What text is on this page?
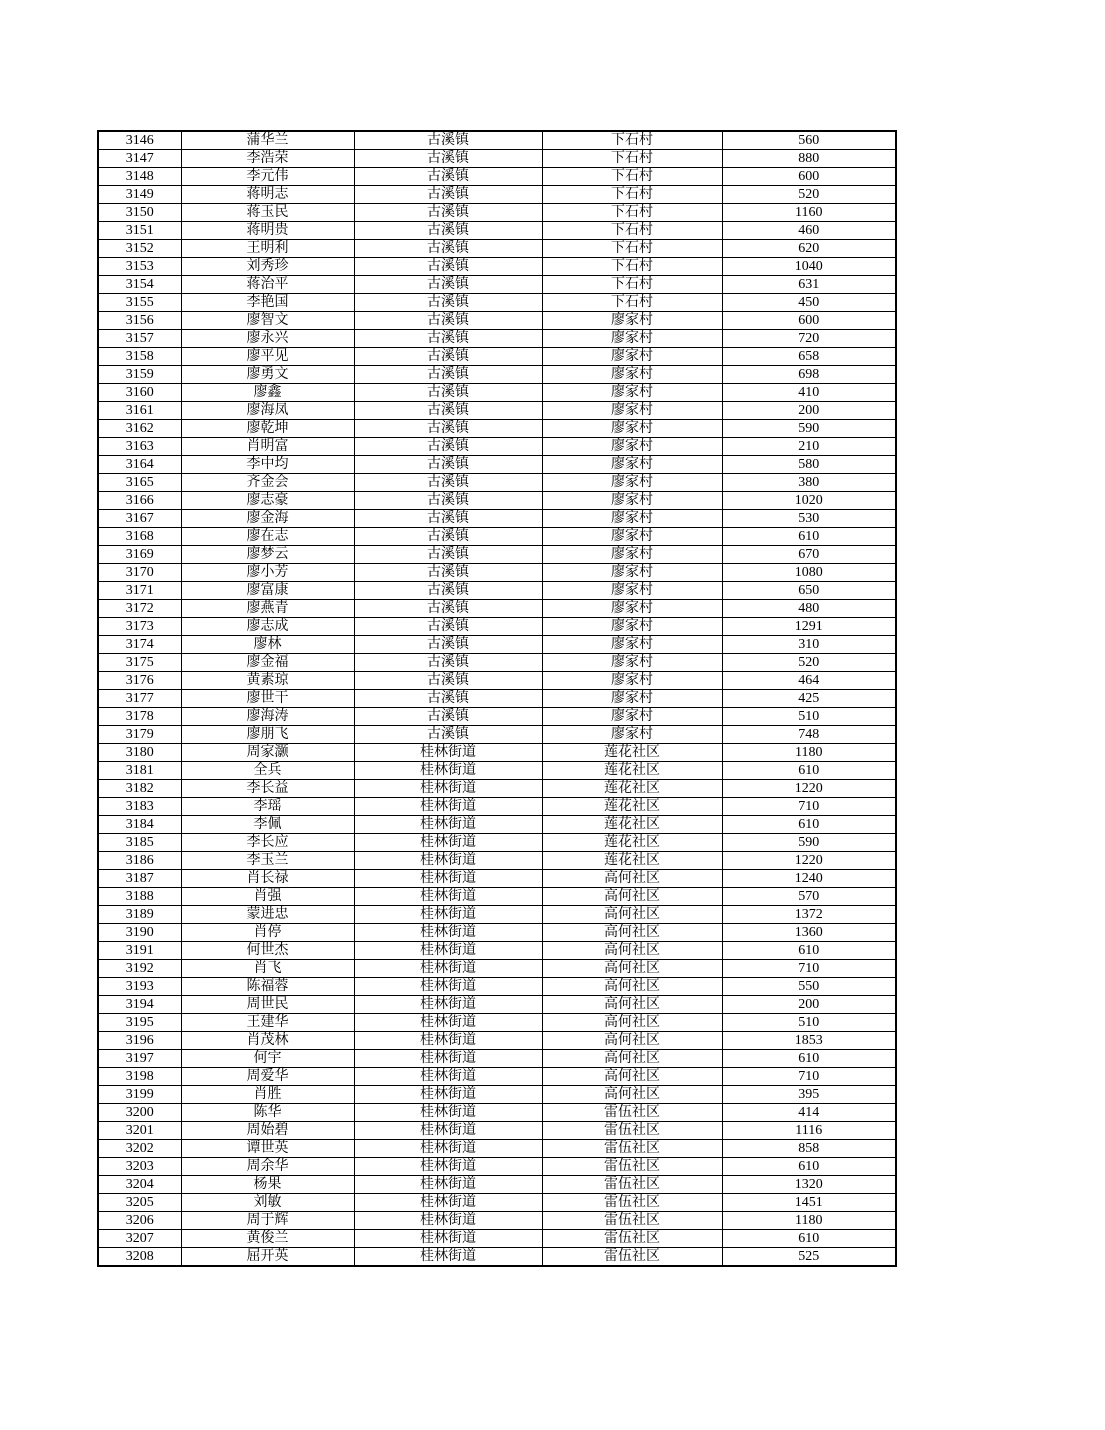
3146	蒲华兰	古溪镇	下石村	560
3147	李浩荣	古溪镇	下石村	880
3148	李元伟	古溪镇	下石村	600
3149	蒋明志	古溪镇	下石村	520
3150	蒋玉民	古溪镇	下石村	1160
3151	蒋明贵	古溪镇	下石村	460
3152	王明利	古溪镇	下石村	620
3153	刘秀珍	古溪镇	下石村	1040
3154	蒋治平	古溪镇	下石村	631
3155	李艳国	古溪镇	下石村	450
3156	廖智文	古溪镇	廖家村	600
3157	廖永兴	古溪镇	廖家村	720
3158	廖平见	古溪镇	廖家村	658
3159	廖勇文	古溪镇	廖家村	698
3160	廖鑫	古溪镇	廖家村	410
3161	廖海凤	古溪镇	廖家村	200
3162	廖乾坤	古溪镇	廖家村	590
3163	肖明富	古溪镇	廖家村	210
3164	李中均	古溪镇	廖家村	580
3165	齐金会	古溪镇	廖家村	380
3166	廖志豪	古溪镇	廖家村	1020
3167	廖金海	古溪镇	廖家村	530
3168	廖在志	古溪镇	廖家村	610
3169	廖梦云	古溪镇	廖家村	670
3170	廖小芳	古溪镇	廖家村	1080
3171	廖富康	古溪镇	廖家村	650
3172	廖燕青	古溪镇	廖家村	480
3173	廖志成	古溪镇	廖家村	1291
3174	廖林	古溪镇	廖家村	310
3175	廖金福	古溪镇	廖家村	520
3176	黄素琼	古溪镇	廖家村	464
3177	廖世干	古溪镇	廖家村	425
3178	廖海涛	古溪镇	廖家村	510
3179	廖朋飞	古溪镇	廖家村	748
3180	周家灏	桂林街道	莲花社区	1180
3181	全兵	桂林街道	莲花社区	610
3182	李长益	桂林街道	莲花社区	1220
3183	李瑶	桂林街道	莲花社区	710
3184	李佩	桂林街道	莲花社区	610
3185	李长应	桂林街道	莲花社区	590
3186	李玉兰	桂林街道	莲花社区	1220
3187	肖长禄	桂林街道	高何社区	1240
3188	肖强	桂林街道	高何社区	570
3189	蒙进忠	桂林街道	高何社区	1372
3190	肖停	桂林街道	高何社区	1360
3191	何世杰	桂林街道	高何社区	610
3192	肖飞	桂林街道	高何社区	710
3193	陈福蓉	桂林街道	高何社区	550
3194	周世民	桂林街道	高何社区	200
3195	王建华	桂林街道	高何社区	510
3196	肖茂林	桂林街道	高何社区	1853
3197	何宇	桂林街道	高何社区	610
3198	周爱华	桂林街道	高何社区	710
3199	肖胜	桂林街道	高何社区	395
3200	陈华	桂林街道	雷伍社区	414
3201	周始碧	桂林街道	雷伍社区	1116
3202	谭世英	桂林街道	雷伍社区	858
3203	周余华	桂林街道	雷伍社区	610
3204	杨果	桂林街道	雷伍社区	1320
3205	刘敏	桂林街道	雷伍社区	1451
3206	周于辉	桂林街道	雷伍社区	1180
3207	黄俊兰	桂林街道	雷伍社区	610
3208	屈开英	桂林街道	雷伍社区	525
